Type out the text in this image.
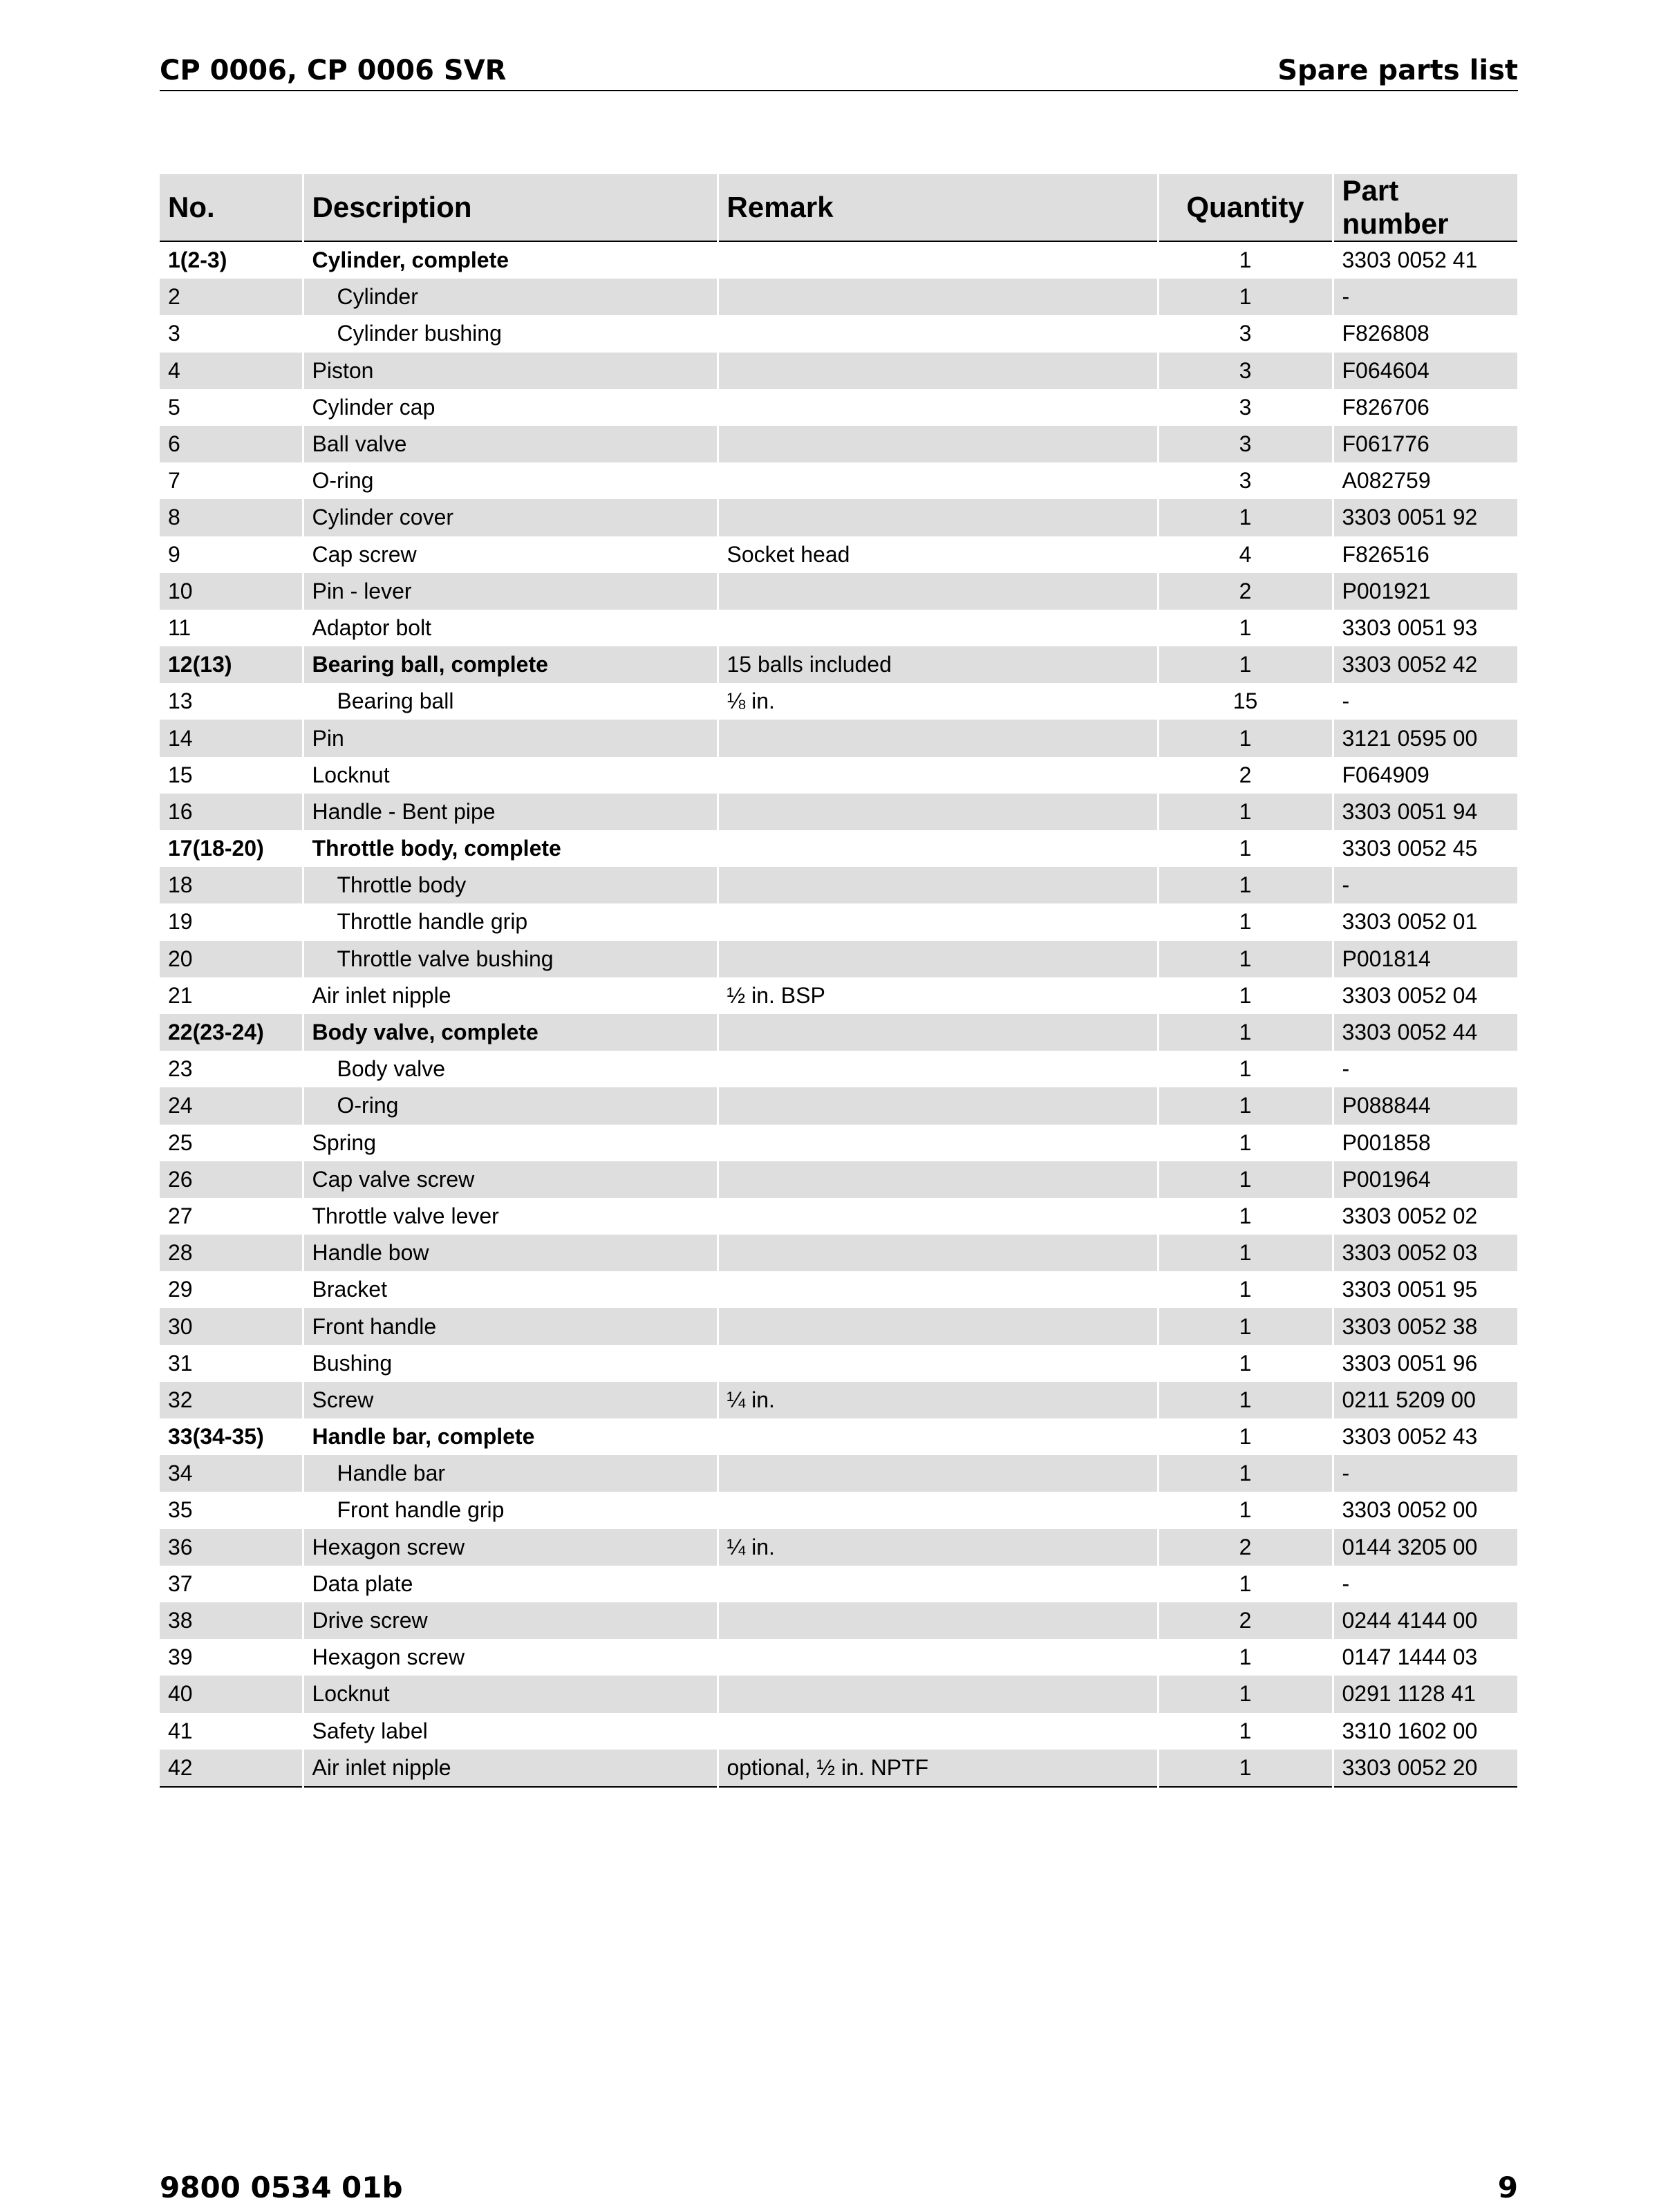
CP 0006, CP 0006 SVR	Spare parts list
No.	Description	Remark	Quantity	Part number
1(2-3)	Cylinder, complete		1	3303 0052 41
2	Cylinder		1	-
3	Cylinder bushing		3	F826808
4	Piston		3	F064604
5	Cylinder cap		3	F826706
6	Ball valve		3	F061776
7	O-ring		3	A082759
8	Cylinder cover		1	3303 0051 92
9	Cap screw	Socket head	4	F826516
10	Pin - lever		2	P001921
11	Adaptor bolt		1	3303 0051 93
12(13)	Bearing ball, complete	15 balls included	1	3303 0052 42
13	Bearing ball	⅛ in.	15	-
14	Pin		1	3121 0595 00
15	Locknut		2	F064909
16	Handle - Bent pipe		1	3303 0051 94
17(18-20)	Throttle body, complete		1	3303 0052 45
18	Throttle body		1	-
19	Throttle handle grip		1	3303 0052 01
20	Throttle valve bushing		1	P001814
21	Air inlet nipple	½ in. BSP	1	3303 0052 04
22(23-24)	Body valve, complete		1	3303 0052 44
23	Body valve		1	-
24	O-ring		1	P088844
25	Spring		1	P001858
26	Cap valve screw		1	P001964
27	Throttle valve lever		1	3303 0052 02
28	Handle bow		1	3303 0052 03
29	Bracket		1	3303 0051 95
30	Front handle		1	3303 0052 38
31	Bushing		1	3303 0051 96
32	Screw	¼ in.	1	0211 5209 00
33(34-35)	Handle bar, complete		1	3303 0052 43
34	Handle bar		1	-
35	Front handle grip		1	3303 0052 00
36	Hexagon screw	¼ in.	2	0144 3205 00
37	Data plate		1	-
38	Drive screw		2	0244 4144 00
39	Hexagon screw		1	0147 1444 03
40	Locknut		1	0291 1128 41
41	Safety label		1	3310 1602 00
42	Air inlet nipple	optional, ½ in. NPTF	1	3303 0052 20
9800 0534 01b	9
